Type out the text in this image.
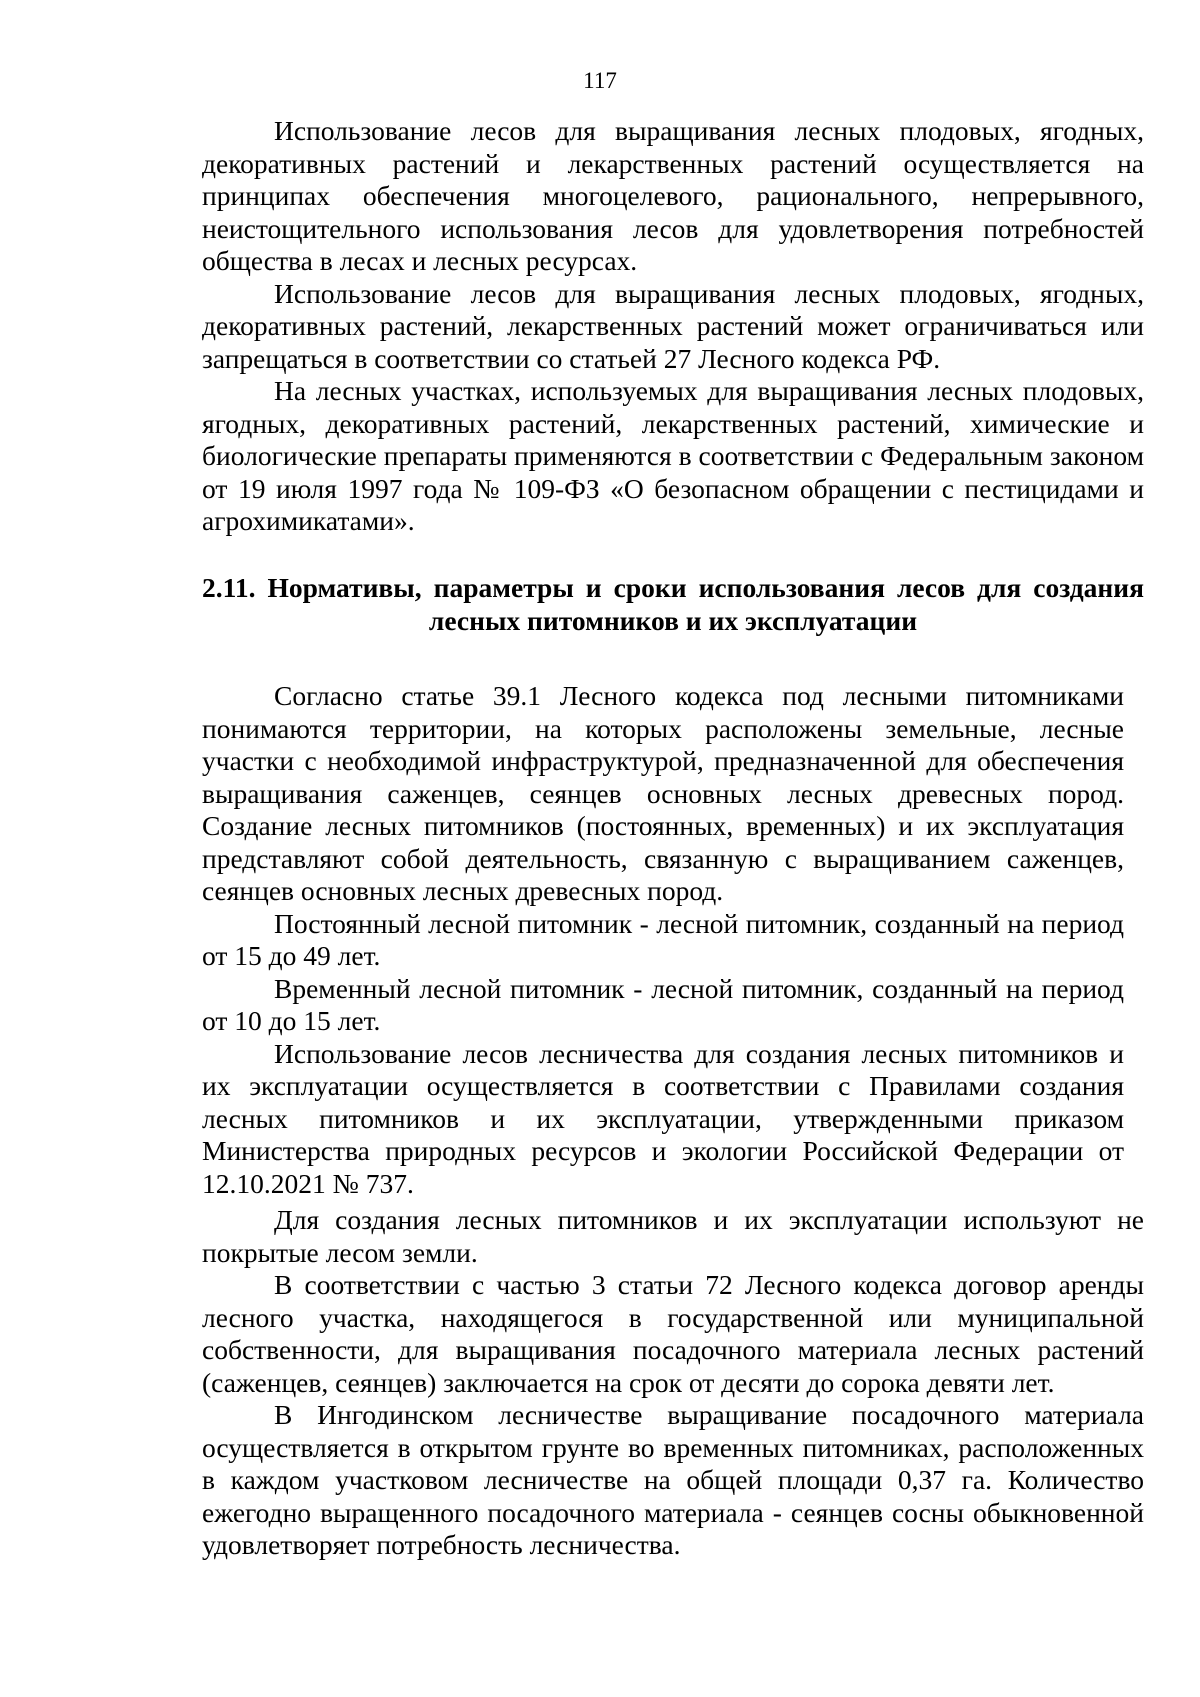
117

Использование лесов для выращивания лесных плодовых, ягодных, декоративных растений и лекарственных растений осуществляется на принципах обеспечения многоцелевого, рационального, непрерывного, неистощительного использования лесов для удовлетворения потребностей общества в лесах и лесных ресурсах.

Использование лесов для выращивания лесных плодовых, ягодных, декоративных растений, лекарственных растений может ограничиваться или запрещаться в соответствии со статьей 27 Лесного кодекса РФ.

На лесных участках, используемых для выращивания лесных плодовых, ягодных, декоративных растений, лекарственных растений, химические и биологические препараты применяются в соответствии с Федеральным законом от 19 июля 1997 года № 109-ФЗ «О безопасном обращении с пестицидами и агрохимикатами».

2.11. Нормативы, параметры и сроки использования лесов для создания
лесных питомников и их эксплуатации

Согласно статье 39.1 Лесного кодекса под лесными питомниками понимаются территории, на которых расположены земельные, лесные участки с необходимой инфраструктурой, предназначенной для обеспечения выращивания саженцев, сеянцев основных лесных древесных пород. Создание лесных питомников (постоянных, временных) и их эксплуатация представляют собой деятельность, связанную с выращиванием саженцев, сеянцев основных лесных древесных пород.

Постоянный лесной питомник - лесной питомник, созданный на период от 15 до 49 лет.

Временный лесной питомник - лесной питомник, созданный на период от 10 до 15 лет.

Использование лесов лесничества для создания лесных питомников и их эксплуатации осуществляется в соответствии с Правилами создания лесных питомников и их эксплуатации, утвержденными приказом Министерства природных ресурсов и экологии Российской Федерации от 12.10.2021 № 737.

Для создания лесных питомников и их эксплуатации используют не покрытые лесом земли.

В соответствии с частью 3 статьи 72 Лесного кодекса договор аренды лесного участка, находящегося в государственной или муниципальной собственности, для выращивания посадочного материала лесных растений (саженцев, сеянцев) заключается на срок от десяти до сорока девяти лет.

В Ингодинском лесничестве выращивание посадочного материала осуществляется в открытом грунте во временных питомниках, расположенных в каждом участковом лесничестве на общей площади 0,37 га. Количество ежегодно выращенного посадочного материала - сеянцев сосны обыкновенной удовлетворяет потребность лесничества.
